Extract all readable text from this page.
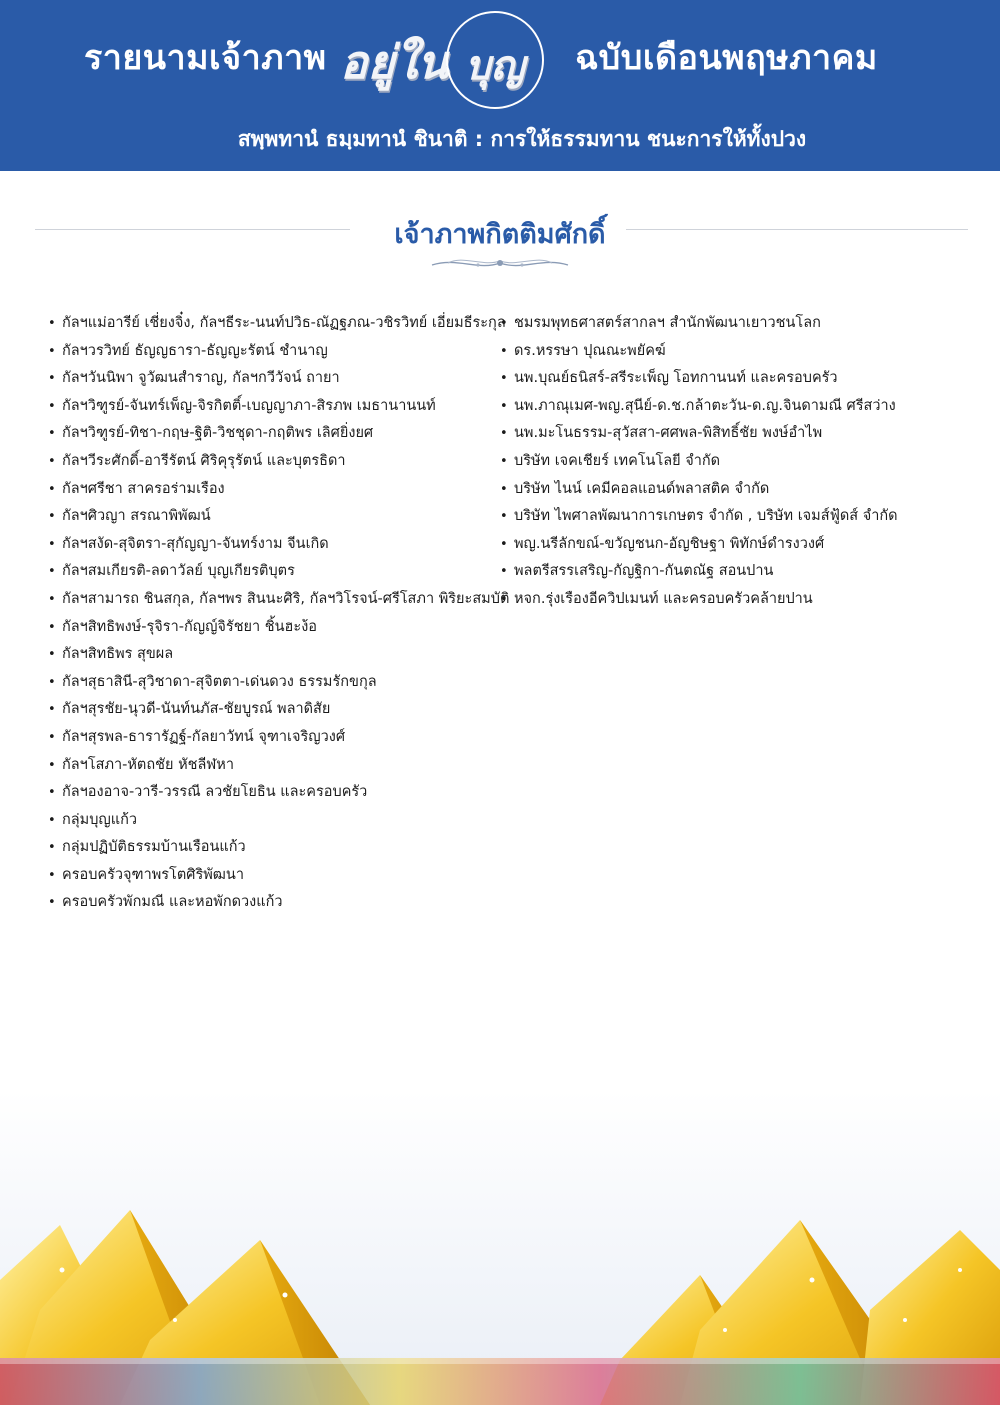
รายนามเจ้าภาพ อยู่ใน บุญ	ฉบับเดือนพฤษภาคม
สพฺพทานํ ธมฺมทานํ ชินาติ : การให้ธรรมทาน ชนะการให้ทั้งปวง
เจ้าภาพกิตติมศักดิ์
• กัลฯแม่อารีย์ เชี่ยงจิ๋ง, กัลฯธีระ-นนท์ปวิธ-ณัฏฐภณ-วชิรวิทย์ เอี่ยมธีระกุล
• กัลฯวรวิทย์ ธัญญธารา-ธัญญะรัตน์ ชำนาญ
• กัลฯวันนิพา จูวัฒนสำราญ, กัลฯกวีวัจน์ ถายา
• กัลฯวิฑูรย์-จันทร์เพ็ญ-จิรกิตติ์-เบญญาภา-สิรภพ เมธานานนท์
• กัลฯวิฑูรย์-ทิชา-กฤษ-ฐิติ-วิชชุดา-กฤติพร เลิศยิ่งยศ
• กัลฯวีระศักดิ์-อารีรัตน์ ศิริคุรุรัตน์ และบุตรธิดา
• กัลฯศรีชา สาครอร่ามเรือง
• กัลฯศิวญา สรณาพิพัฒน์
• กัลฯสงัด-สุจิตรา-สุกัญญา-จันทร์งาม จีนเกิด
• กัลฯสมเกียรติ-ลดาวัลย์ บุญเกียรติบุตร
• กัลฯสามารถ ชินสกุล, กัลฯพร สินนะศิริ, กัลฯวิโรจน์-ศรีโสภา พิริยะสมบัติ
• กัลฯสิทธิพงษ์-รุจิรา-กัญญ์จิรัชยา ชิ้นฮะง้อ
• กัลฯสิทธิพร สุขผล
• กัลฯสุธาสินี-สุวิชาดา-สุจิตตา-เด่นดวง ธรรมรักขกุล
• กัลฯสุรชัย-นุวดี-นันท์นภัส-ชัยบูรณ์ พลาดิสัย
• กัลฯสุรพล-ธารารัฏฐ์-กัลยาวัทน์ จุฑาเจริญวงศ์
• กัลฯโสภา-หัตถชัย หัชลีฬหา
• กัลฯองอาจ-วารี-วรรณี ลวชัยโยธิน และครอบครัว
• กลุ่มบุญแก้ว
• กลุ่มปฏิบัติธรรมบ้านเรือนแก้ว
• ครอบครัวจุฑาพรโตศิริพัฒนา
• ครอบครัวพักมณี และหอพักดวงแก้ว
• ชมรมพุทธศาสตร์สากลฯ สำนักพัฒนาเยาวชนโลก
• ดร.หรรษา ปุณณะพยัคฆ์
• นพ.บุณย์ธนิสร์-สรีระเพ็ญ โอทกานนท์ และครอบครัว
• นพ.ภาณุเมศ-พญ.สุนีย์-ด.ช.กล้าตะวัน-ด.ญ.จินดามณี ศรีสว่าง
• นพ.มะโนธรรม-สุวัสสา-ศศพล-พิสิทธิ์ชัย พงษ์อำไพ
• บริษัท เจคเชียร์ เทคโนโลยี จำกัด
• บริษัท ไนน์ เคมีคอลแอนด์พลาสติค จำกัด
• บริษัท ไพศาลพัฒนาการเกษตร จำกัด , บริษัท เจมส์ฟู้ดส์ จำกัด
• พญ.นรีลักขณ์-ขวัญชนก-อัญชิษฐา พิทักษ์ดำรงวงศ์
• พลตรีสรรเสริญ-กัญฐิกา-กันตณัฐ สอนปาน
• หจก.รุ่งเรืองอีควิปเมนท์ และครอบครัวคล้ายปาน
